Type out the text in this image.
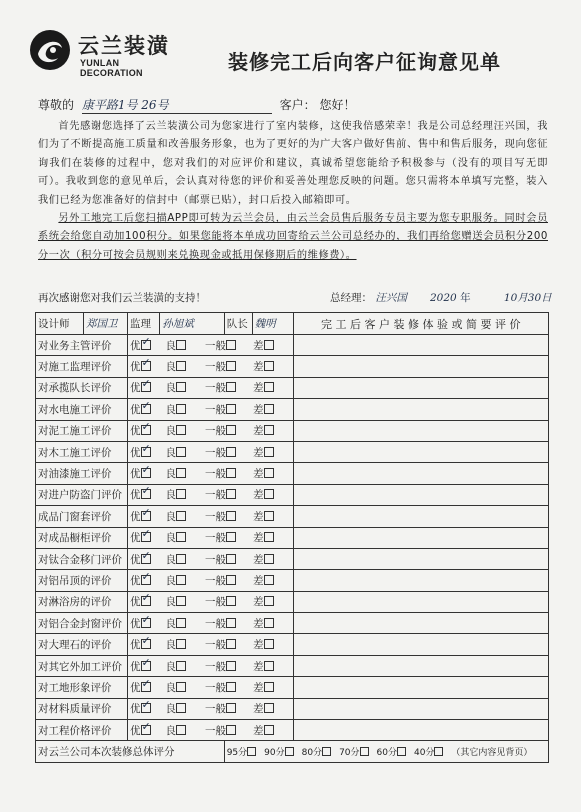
云兰装潢
YUNLAN DECORATION	装修完工后向客户征询意见单
尊敬的 康平路1号 26号	客户： 您好！

首先感谢您选择了云兰装潢公司为您家进行了室内装修，这使我倍感荣幸！我是公司总经理汪兴国，我们为了不断提高施工质量和改善服务形象，也为了更好的为广大客户做好售前、售中和售后服务，现向您征询我们在装修的过程中，您对我们的对应评价和建议，真诚希望您能给予积极参与（没有的项目写无即可）。我收到您的意见单后，会认真对待您的评价和妥善处理您反映的问题。您只需将本单填写完整，装入我们已经为您准备好的信封中（邮票已贴），封口后投入邮箱即可。

另外工地完工后您扫描APP即可转为云兰会员，由云兰会员售后服务专员主要为您专职服务。同时会员系统会给您自动加100积分。如果您能将本单成功回寄给云兰公司总经办的，我们再给您赠送会员积分200分一次（积分可按会员规则来兑换现金或抵用保修期后的维修费）。

再次感谢您对我们云兰装潢的支持！	总经理： 汪兴国	2020 年	10月30日
设计师	郑国卫	监理	孙旭斌	队长	魏明	完 工 后 客 户 装 修 体 验 或 简 要 评 价
对业务主管评价		优 ✓ 良 一般 差	
对施工监理评价		优 ✓ 良 一般 差	
对承揽队长评价		优 ✓ 良 一般 差	
对水电施工评价		优 ✓ 良 一般 差	
对泥工施工评价		优 ✓ 良 一般 差	
对木工施工评价		优 ✓ 良 一般 差	
对油漆施工评价		优 ✓ 良 一般 差	
对进户防盗门评价		优 ✓ 良 一般 差	
成品门窗套评价		优 ✓ 良 一般 差	
对成品橱柜评价		优 ✓ 良 一般 差	
对钛合金移门评价		优 ✓ 良 一般 差	
对铝吊顶的评价		优 ✓ 良 一般 差	
对淋浴房的评价		优 ✓ 良 一般 差	
对铝合金封窗评价		优 ✓ 良 一般 差	
对大理石的评价		优 ✓ 良 一般 差	
对其它外加工评价		优 ✓ 良 一般 差	
对工地形象评价		优 ✓ 良 一般 差	
对材料质量评价		优 ✓ 良 一般 差	
对工程价格评价		优 ✓ 良 一般 差	
对云兰公司本次装修总体评分				95分 90分 80分 70分 60分 40分 （其它内容见背页）		
